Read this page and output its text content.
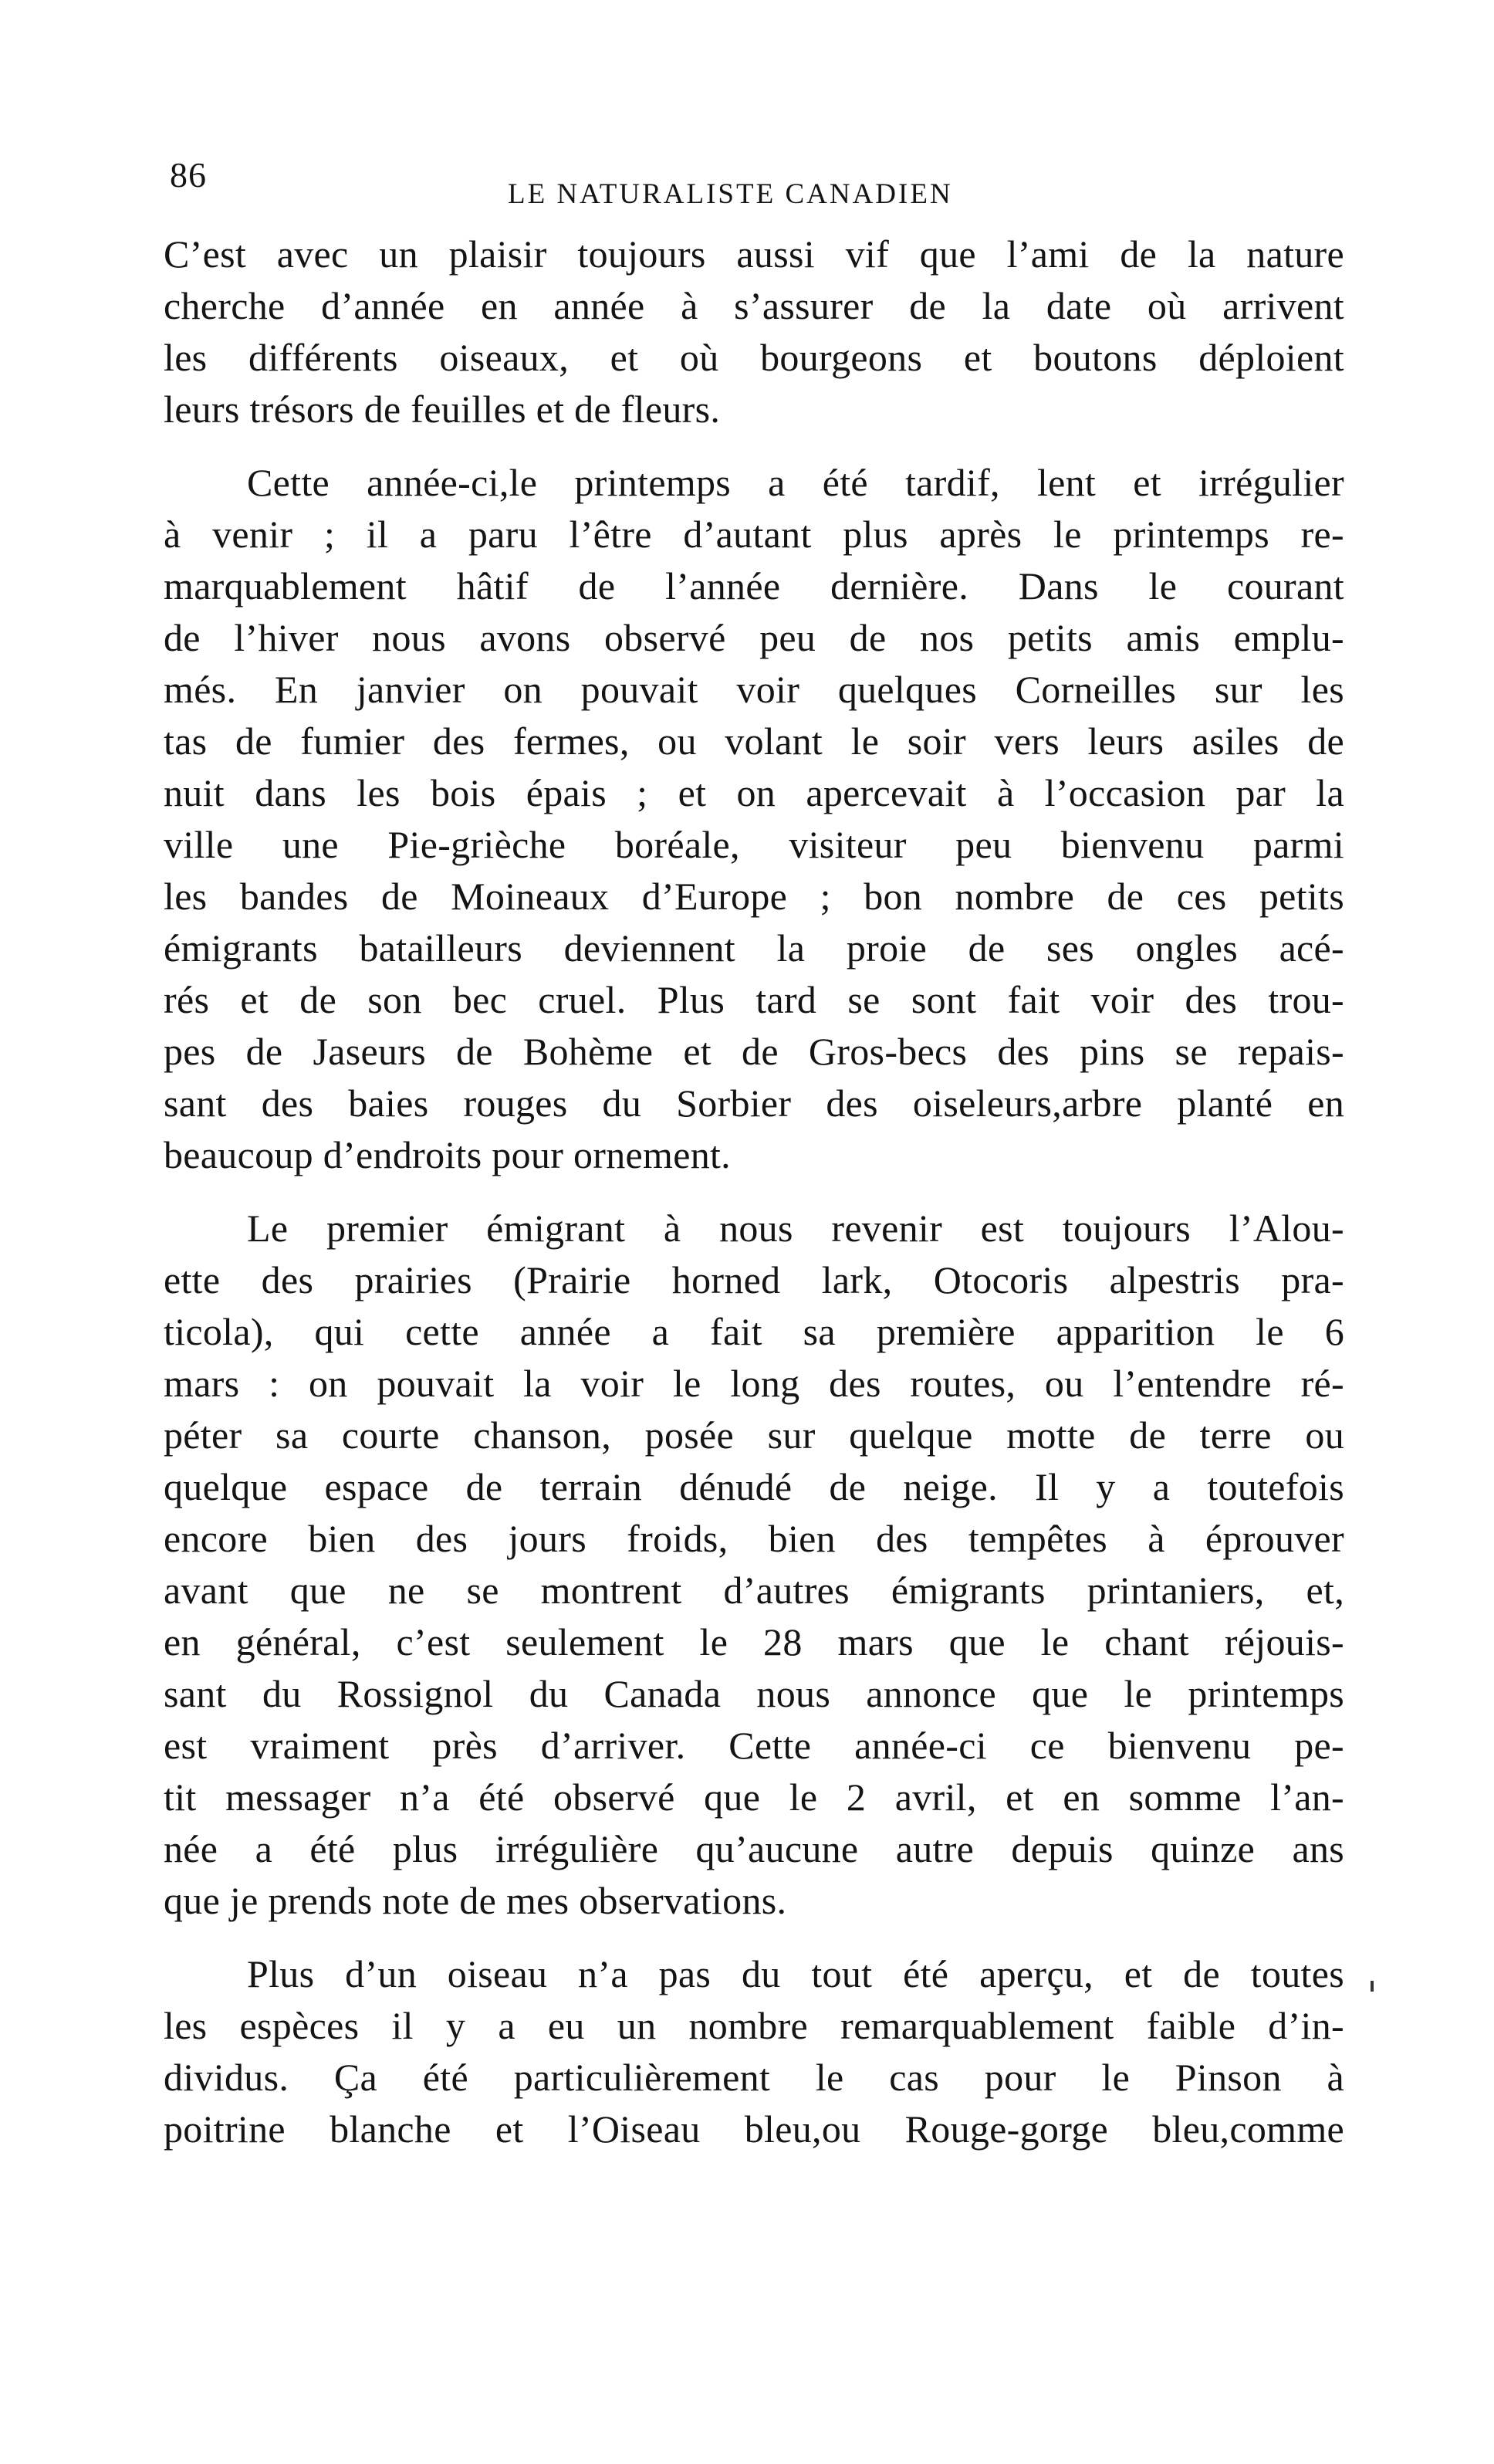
86	LE NATURALISTE CANADIEN
C’est avec un plaisir toujours aussi vif que l’ami de la nature
cherche d’année en année à s’assurer de la date où arrivent
les différents oiseaux, et où bourgeons et boutons déploient
leurs trésors de feuilles et de fleurs.
Cette année-ci,le printemps a été tardif, lent et irrégulier
à venir ; il a paru l’être d’autant plus après le printemps re-
marquablement hâtif de l’année dernière. Dans le courant
de l’hiver nous avons observé peu de nos petits amis emplu-
més. En janvier on pouvait voir quelques Corneilles sur les
tas de fumier des fermes, ou volant le soir vers leurs asiles de
nuit dans les bois épais ; et on apercevait à l’occasion par la
ville une Pie-grièche boréale, visiteur peu bienvenu parmi
les bandes de Moineaux d’Europe ; bon nombre de ces petits
émigrants batailleurs deviennent la proie de ses ongles acé-
rés et de son bec cruel. Plus tard se sont fait voir des trou-
pes de Jaseurs de Bohème et de Gros-becs des pins se repais-
sant des baies rouges du Sorbier des oiseleurs,arbre planté en
beaucoup d’endroits pour ornement.
Le premier émigrant à nous revenir est toujours l’Alou-
ette des prairies (Prairie horned lark, Otocoris alpestris pra-
ticola), qui cette année a fait sa première apparition le 6
mars : on pouvait la voir le long des routes, ou l’entendre ré-
péter sa courte chanson, posée sur quelque motte de terre ou
quelque espace de terrain dénudé de neige. Il y a toutefois
encore bien des jours froids, bien des tempêtes à éprouver
avant que ne se montrent d’autres émigrants printaniers, et,
en général, c’est seulement le 28 mars que le chant réjouis-
sant du Rossignol du Canada nous annonce que le printemps
est vraiment près d’arriver. Cette année-ci ce bienvenu pe-
tit messager n’a été observé que le 2 avril, et en somme l’an-
née a été plus irrégulière qu’aucune autre depuis quinze ans
que je prends note de mes observations.
Plus d’un oiseau n’a pas du tout été aperçu, et de toutes
les espèces il y a eu un nombre remarquablement faible d’in-
dividus. Ça été particulièrement le cas pour le Pinson à
poitrine blanche et l’Oiseau bleu,ou Rouge-gorge bleu,comme
